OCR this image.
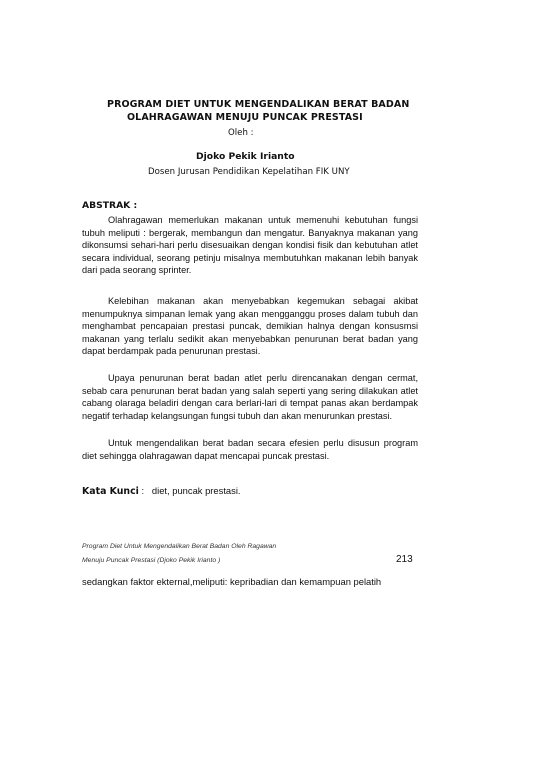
PROGRAM DIET UNTUK MENGENDALIKAN BERAT BADAN
OLAHRAGAWAN MENUJU PUNCAK PRESTASI
Oleh :
Djoko Pekik Irianto
Dosen Jurusan Pendidikan Kepelatihan FIK UNY
ABSTRAK :

Olahragawan memerlukan makanan untuk memenuhi kebutuhan fungsi tubuh meliputi : bergerak, membangun dan mengatur. Banyaknya makanan yang dikonsumsi sehari-hari perlu disesuaikan dengan kondisi fisik dan kebutuhan atlet secara individual, seorang petinju misalnya membutuhkan makanan lebih banyak dari pada seorang sprinter.

Kelebihan makanan akan menyebabkan kegemukan sebagai akibat menumpuknya simpanan lemak yang akan mengganggu proses dalam tubuh dan menghambat pencapaian prestasi puncak, demikian halnya dengan konsusmsi makanan yang terlalu sedikit akan menyebabkan penurunan berat badan yang dapat berdampak pada penurunan prestasi.

Upaya penurunan berat badan atlet perlu direncanakan dengan cermat, sebab cara penurunan berat badan yang salah seperti yang sering dilakukan atlet cabang olaraga beladiri dengan cara berlari-lari di tempat panas akan berdampak negatif terhadap kelangsungan fungsi tubuh dan akan menurunkan prestasi.

Untuk mengendalikan berat badan secara efesien perlu disusun program diet sehingga olahragawan dapat mencapai puncak prestasi.

Kata Kunci :   diet, puncak prestasi.
Program Diet Untuk Mengendalikan Berat Badan Oleh Ragawan
Menuju Puncak Prestasi (Djoko Pekik Irianto )	213
sedangkan faktor ekternal,meliputi: kepribadian dan kemampuan pelatih
